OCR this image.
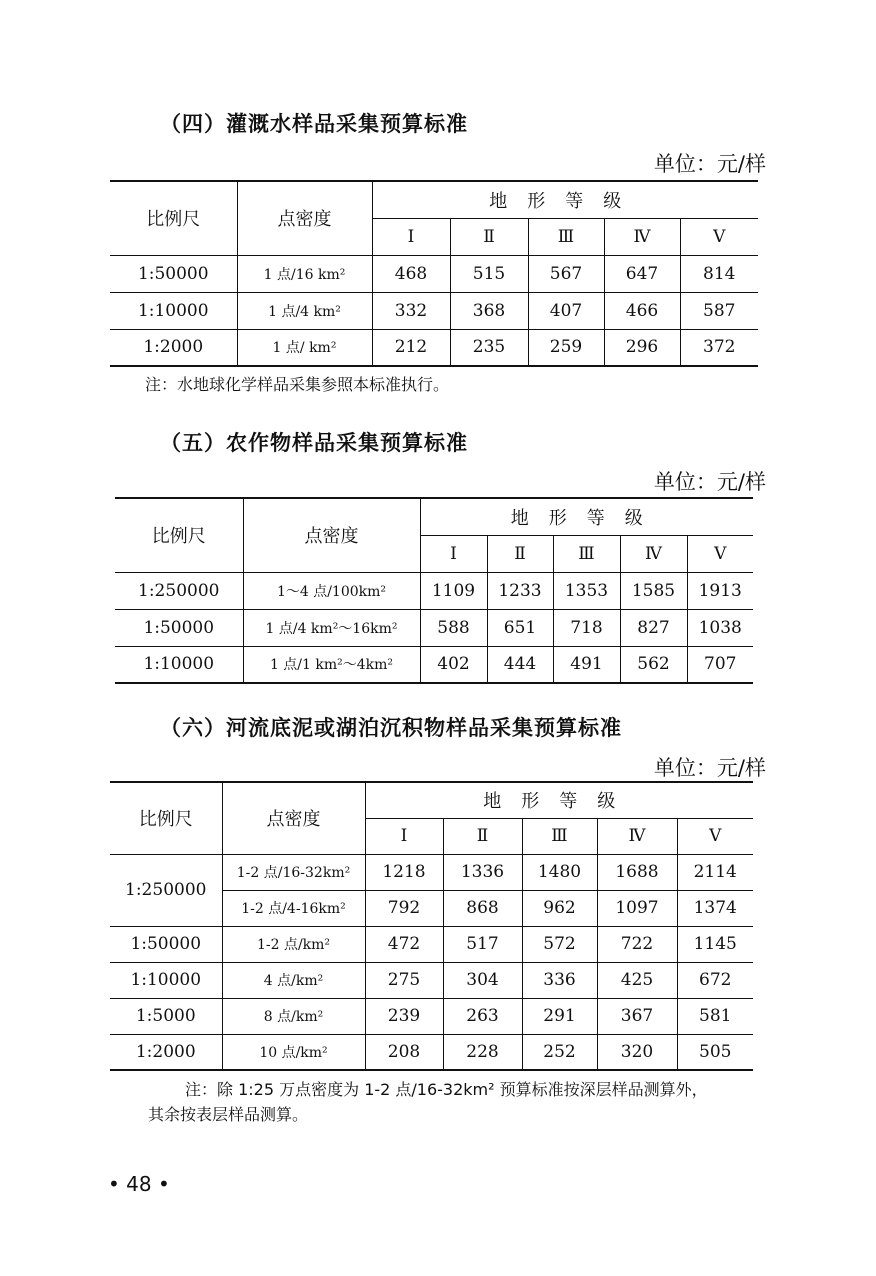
（四）灌溉水样品采集预算标准
单位：元/样
比例尺	点密度	地形等级				
		Ⅰ	Ⅱ	Ⅲ	Ⅳ	Ⅴ
1:50000	1 点/16 km²	468	515	567	647	814
1:10000	1 点/4 km²	332	368	407	466	587
1:2000	1 点/ km²	212	235	259	296	372
注：水地球化学样品采集参照本标准执行。
（五）农作物样品采集预算标准
单位：元/样
比例尺	点密度	地形等级				
		Ⅰ	Ⅱ	Ⅲ	Ⅳ	Ⅴ
1:250000	1～4 点/100km²	1109	1233	1353	1585	1913
1:50000	1 点/4 km²～16km²	588	651	718	827	1038
1:10000	1 点/1 km²～4km²	402	444	491	562	707
（六）河流底泥或湖泊沉积物样品采集预算标准
单位：元/样
比例尺	点密度	地形等级				
		Ⅰ	Ⅱ	Ⅲ	Ⅳ	Ⅴ
1:250000	1-2 点/16-32km²	1218	1336	1480	1688	2114
	1-2 点/4-16km²	792	868	962	1097	1374
1:50000	1-2 点/km²	472	517	572	722	1145
1:10000	4 点/km²	275	304	336	425	672
1:5000	8 点/km²	239	263	291	367	581
1:2000	10 点/km²	208	228	252	320	505
注：除 1:25 万点密度为 1-2 点/16-32km² 预算标准按深层样品测算外，
其余按表层样品测算。
• 48 •
